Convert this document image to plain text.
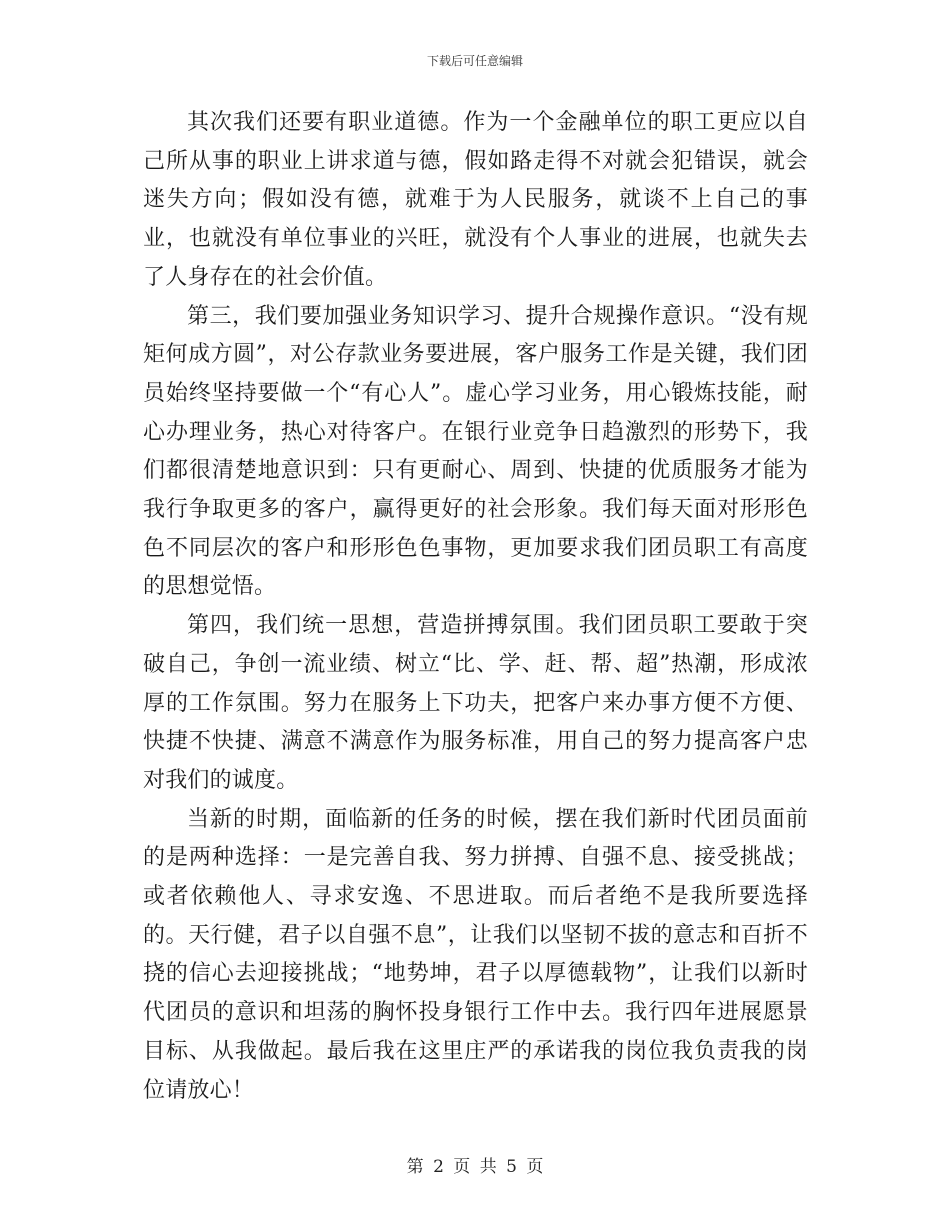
下载后可任意编辑

其次我们还要有职业道德。作为一个金融单位的职工更应以自己所从事的职业上讲求道与德，假如路走得不对就会犯错误，就会迷失方向；假如没有德，就难于为人民服务，就谈不上自己的事业，也就没有单位事业的兴旺，就没有个人事业的进展，也就失去了人身存在的社会价值。

第三，我们要加强业务知识学习、提升合规操作意识。“没有规矩何成方圆”，对公存款业务要进展，客户服务工作是关键，我们团员始终坚持要做一个“有心人”。虚心学习业务，用心锻炼技能，耐心办理业务，热心对待客户。在银行业竞争日趋激烈的形势下，我们都很清楚地意识到：只有更耐心、周到、快捷的优质服务才能为我行争取更多的客户，赢得更好的社会形象。我们每天面对形形色色不同层次的客户和形形色色事物，更加要求我们团员职工有高度的思想觉悟。

第四，我们统一思想，营造拼搏氛围。我们团员职工要敢于突破自己，争创一流业绩、树立“比、学、赶、帮、超”热潮，形成浓厚的工作氛围。努力在服务上下功夫，把客户来办事方便不方便、快捷不快捷、满意不满意作为服务标准，用自己的努力提高客户忠对我们的诚度。

当新的时期，面临新的任务的时候，摆在我们新时代团员面前的是两种选择：一是完善自我、努力拼搏、自强不息、接受挑战；或者依赖他人、寻求安逸、不思进取。而后者绝不是我所要选择的。天行健，君子以自强不息”，让我们以坚韧不拔的意志和百折不挠的信心去迎接挑战；“地势坤，君子以厚德载物”，让我们以新时代团员的意识和坦荡的胸怀投身银行工作中去。我行四年进展愿景目标、从我做起。最后我在这里庄严的承诺我的岗位我负责我的岗位请放心！

第 2 页 共 5 页
